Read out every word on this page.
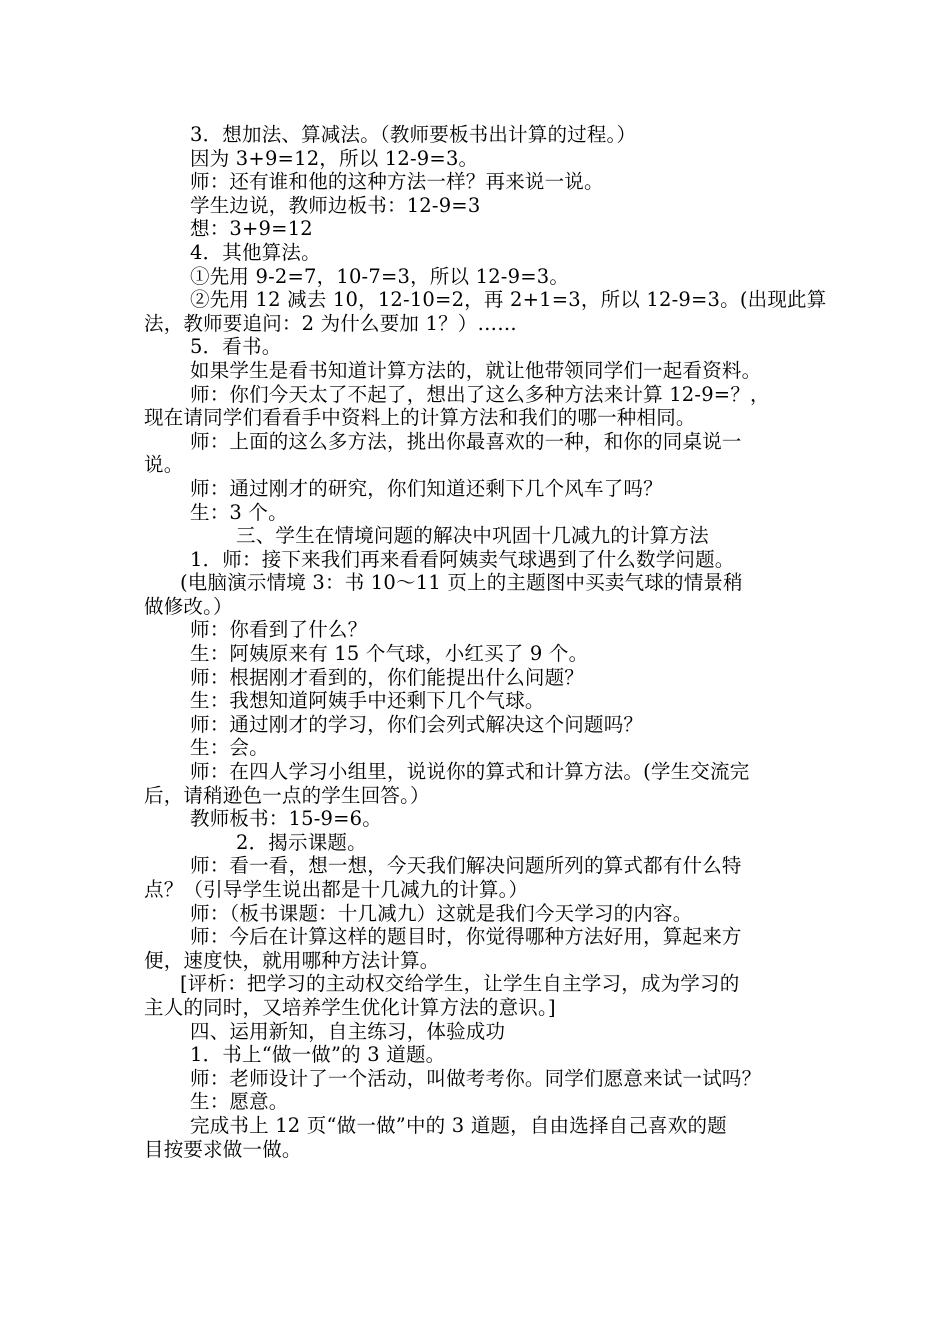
3．想加法、算减法。（教师要板书出计算的过程。）
因为 3+9=12，所以 12-9=3。
师：还有谁和他的这种方法一样？再来说一说。
学生边说，教师边板书：12-9=3
想：3+9=12
4．其他算法。
①先用 9-2=7，10-7=3，所以 12-9=3。
②先用 12 减去 10，12-10=2，再 2+1=3，所以 12-9=3。(出现此算
法，教师要追问：2 为什么要加 1？）……
5．看书。
如果学生是看书知道计算方法的，就让他带领同学们一起看资料。
师：你们今天太了不起了，想出了这么多种方法来计算 12-9=？，
现在请同学们看看手中资料上的计算方法和我们的哪一种相同。
师：上面的这么多方法，挑出你最喜欢的一种，和你的同桌说一
说。
师：通过刚才的研究，你们知道还剩下几个风车了吗？
生：3 个。
三、学生在情境问题的解决中巩固十几减九的计算方法
1．师：接下来我们再来看看阿姨卖气球遇到了什么数学问题。
(电脑演示情境 3：书 10～11 页上的主题图中买卖气球的情景稍
做修改。）
师：你看到了什么？
生：阿姨原来有 15 个气球，小红买了 9 个。
师：根据刚才看到的，你们能提出什么问题？
生：我想知道阿姨手中还剩下几个气球。
师：通过刚才的学习，你们会列式解决这个问题吗？
生：会。
师：在四人学习小组里，说说你的算式和计算方法。(学生交流完
后，请稍逊色一点的学生回答。）
教师板书：15-9=6。
2．揭示课题。
师：看一看，想一想，今天我们解决问题所列的算式都有什么特
点？（引导学生说出都是十几减九的计算。）
师：（板书课题：十几减九）这就是我们今天学习的内容。
师：今后在计算这样的题目时，你觉得哪种方法好用，算起来方
便，速度快，就用哪种方法计算。
[评析：把学习的主动权交给学生，让学生自主学习，成为学习的
主人的同时，又培养学生优化计算方法的意识。]
四、运用新知，自主练习，体验成功
1．书上“做一做”的 3 道题。
师：老师设计了一个活动，叫做考考你。同学们愿意来试一试吗？
生：愿意。
完成书上 12 页“做一做”中的 3 道题，自由选择自己喜欢的题
目按要求做一做。
